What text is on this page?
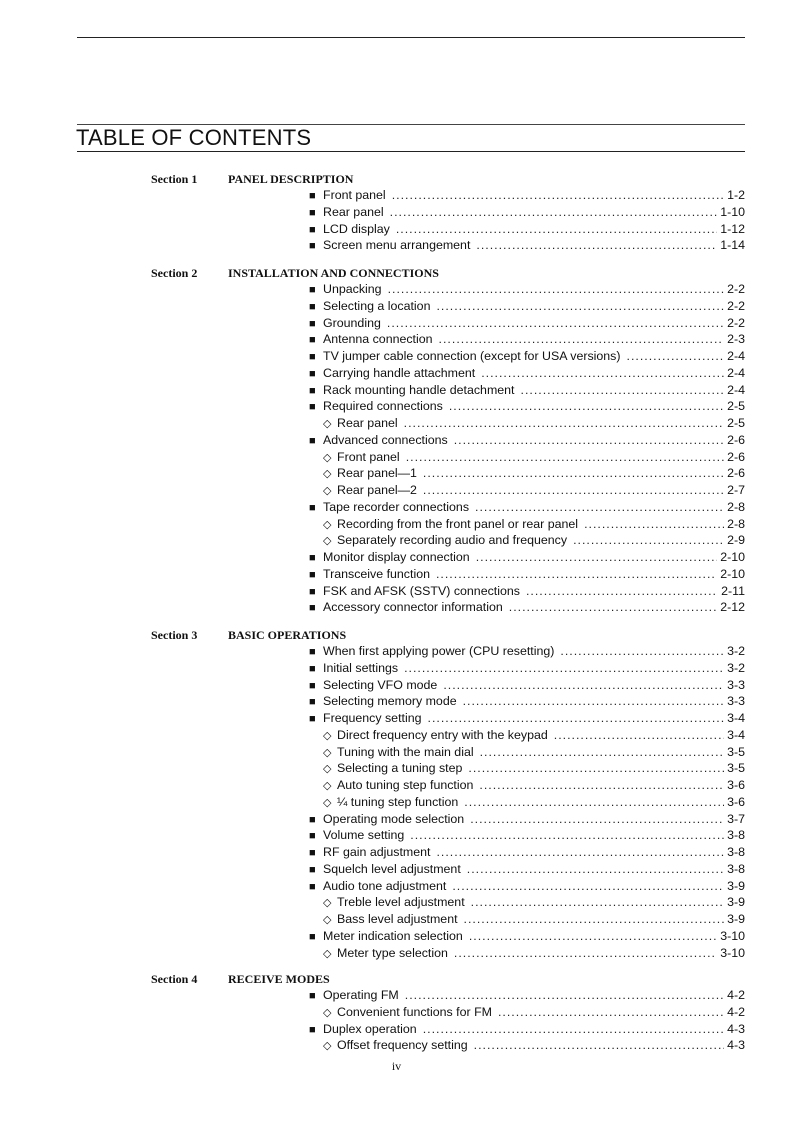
TABLE OF CONTENTS
Section 1	PANEL DESCRIPTION
■ Front panel .....	1-2
■ Rear panel .....	1-10
■ LCD display .....	1-12
■ Screen menu arrangement .....	1-14
Section 2	INSTALLATION AND CONNECTIONS
■ Unpacking .....	2-2
■ Selecting a location .....	2-2
■ Grounding .....	2-2
■ Antenna connection .....	2-3
■ TV jumper cable connection (except for USA versions) .....	2-4
■ Carrying handle attachment .....	2-4
■ Rack mounting handle detachment .....	2-4
■ Required connections .....	2-5
◇ Rear panel .....	2-5
■ Advanced connections .....	2-6
◇ Front panel .....	2-6
◇ Rear panel—1 .....	2-6
◇ Rear panel—2 .....	2-7
■ Tape recorder connections .....	2-8
◇ Recording from the front panel or rear panel .....	2-8
◇ Separately recording audio and frequency .....	2-9
■ Monitor display connection .....	2-10
■ Transceive function .....	2-10
■ FSK and AFSK (SSTV) connections .....	2-11
■ Accessory connector information .....	2-12
Section 3	BASIC OPERATIONS
■ When first applying power (CPU resetting) .....	3-2
■ Initial settings .....	3-2
■ Selecting VFO mode .....	3-3
■ Selecting memory mode .....	3-3
■ Frequency setting .....	3-4
◇ Direct frequency entry with the keypad .....	3-4
◇ Tuning with the main dial .....	3-5
◇ Selecting a tuning step .....	3-5
◇ Auto tuning step function .....	3-6
◇ ¼ tuning step function .....	3-6
■ Operating mode selection .....	3-7
■ Volume setting .....	3-8
■ RF gain adjustment .....	3-8
■ Squelch level adjustment .....	3-8
■ Audio tone adjustment .....	3-9
◇ Treble level adjustment .....	3-9
◇ Bass level adjustment .....	3-9
■ Meter indication selection .....	3-10
◇ Meter type selection .....	3-10
Section 4	RECEIVE MODES
■ Operating FM .....	4-2
◇ Convenient functions for FM .....	4-2
■ Duplex operation .....	4-3
◇ Offset frequency setting .....	4-3
iv
